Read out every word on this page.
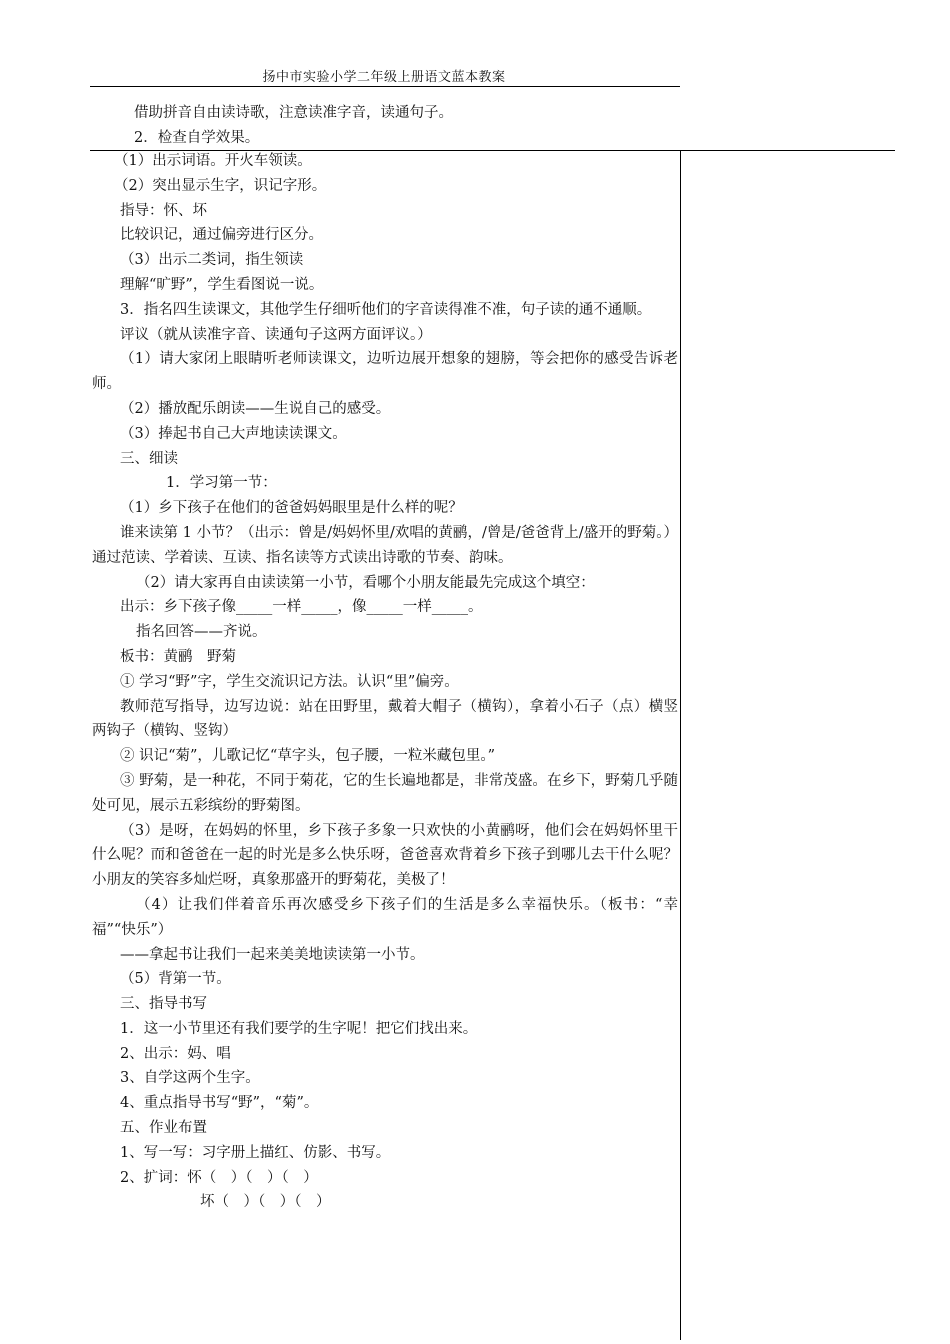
扬中市实验小学二年级上册语文蓝本教案
借助拼音自由读诗歌，注意读准字音，读通句子。
2．检查自学效果。
（1）出示词语。开火车领读。
（2）突出显示生字，识记字形。
指导：怀、坏
比较识记，通过偏旁进行区分。
（3）出示二类词，指生领读
理解“旷野”，学生看图说一说。
3．指名四生读课文，其他学生仔细听他们的字音读得准不准，句子读的通不通顺。
评议（就从读准字音、读通句子这两方面评议。）
（1）请大家闭上眼睛听老师读课文，边听边展开想象的翅膀，等会把你的感受告诉老师。
（2）播放配乐朗读——生说自己的感受。
（3）捧起书自己大声地读读课文。
三、细读
1．学习第一节：
（1）乡下孩子在他们的爸爸妈妈眼里是什么样的呢？
谁来读第 1 小节？（出示：曾是/妈妈怀里/欢唱的黄鹂，/曾是/爸爸背上/盛开的野菊。）通过范读、学着读、互读、指名读等方式读出诗歌的节奏、韵味。
（2）请大家再自由读读第一小节，看哪个小朋友能最先完成这个填空：
出示：乡下孩子像_____一样_____，像_____一样_____。
指名回答——齐说。
板书：黄鹂　野菊
① 学习“野”字，学生交流识记方法。认识“里”偏旁。
教师范写指导，边写边说：站在田野里，戴着大帽子（横钩），拿着小石子（点）横竖两钩子（横钩、竖钩）
② 识记“菊”，儿歌记忆“草字头，包子腰，一粒米藏包里。”
③ 野菊，是一种花，不同于菊花，它的生长遍地都是，非常茂盛。在乡下，野菊几乎随处可见，展示五彩缤纷的野菊图。
（3）是呀，在妈妈的怀里，乡下孩子多象一只欢快的小黄鹂呀，他们会在妈妈怀里干什么呢？而和爸爸在一起的时光是多么快乐呀，爸爸喜欢背着乡下孩子到哪儿去干什么呢？小朋友的笑容多灿烂呀，真象那盛开的野菊花，美极了！
（4）让我们伴着音乐再次感受乡下孩子们的生活是多么幸福快乐。（板书：“幸福”“快乐”）
——拿起书让我们一起来美美地读读第一小节。
（5）背第一节。
三、指导书写
1．这一小节里还有我们要学的生字呢！把它们找出来。
2、出示：妈、唱
3、自学这两个生字。
4、重点指导书写“野”，“菊”。
五、作业布置
1、写一写：习字册上描红、仿影、书写。
2、扩词：怀（　）（　）（　）
坏（　）（　）（　）
